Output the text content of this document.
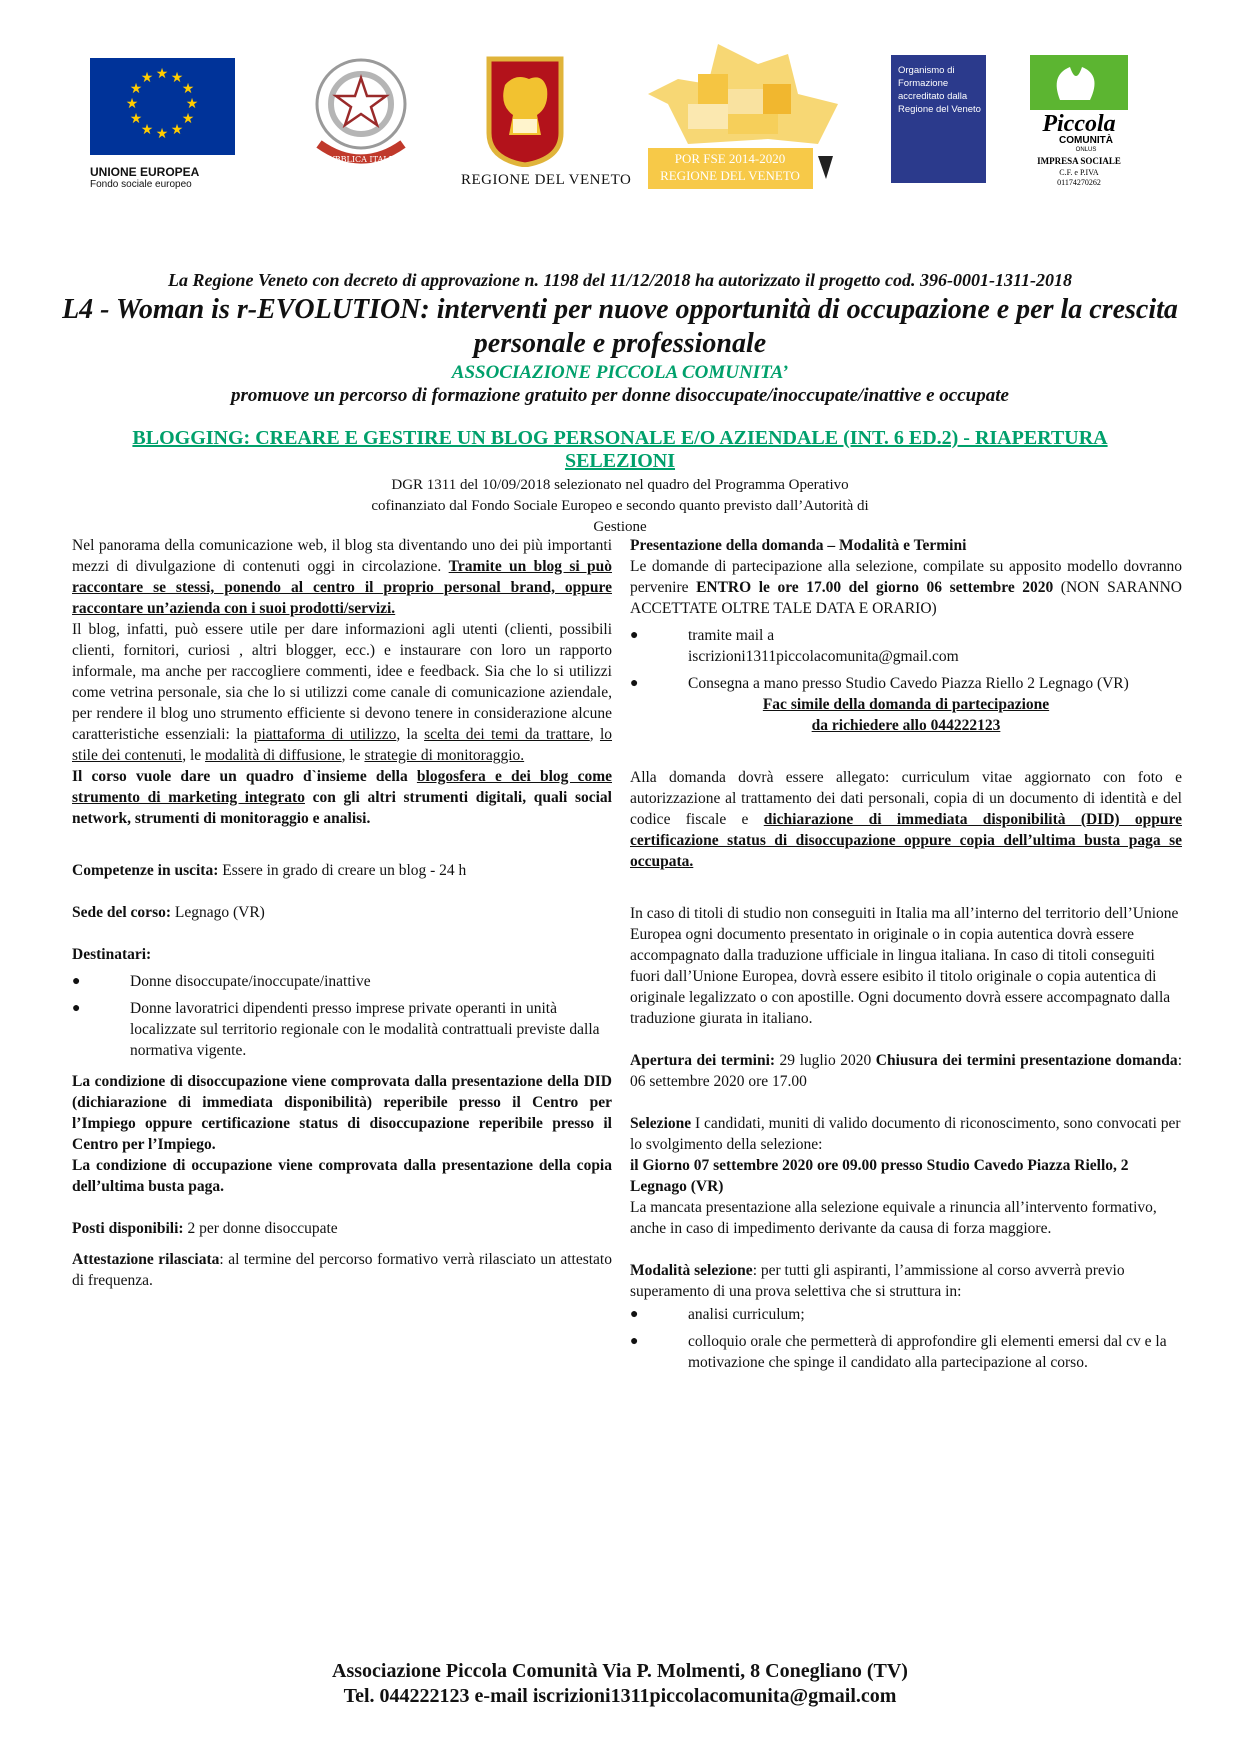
★ ★
★
★
★
★
★
★
★
★
★
★
UNIONE EUROPEA
Fondo sociale europeo
REPVBBLICA ITALIANA
REGIONE DEL VENETO
POR FSE 2014-2020
REGIONE DEL VENETO
Organismo di Formazione accreditato dalla Regione del Veneto
Piccola
COMUNITÀ
ONLUS
IMPRESA SOCIALE
C.F. e P.IVA
01174270262
La Regione Veneto con decreto di approvazione n. 1198 del 11/12/2018 ha autorizzato il progetto cod. 396-0001-1311-2018
L4 - Woman is r-EVOLUTION: interventi per nuove opportunità di occupazione e per la crescita personale e professionale
ASSOCIAZIONE PICCOLA COMUNITA’
promuove un percorso di formazione gratuito per donne disoccupate/inoccupate/inattive e occupate
BLOGGING: CREARE E GESTIRE UN BLOG PERSONALE E/O AZIENDALE (INT. 6 ED.2) - RIAPERTURA SELEZIONI
DGR 1311 del 10/09/2018 selezionato nel quadro del Programma Operativo cofinanziato dal Fondo Sociale Europeo e secondo quanto previsto dall’Autorità di Gestione

Nel panorama della comunicazione web, il blog sta diventando uno dei più importanti mezzi di divulgazione di contenuti oggi in circolazione. Tramite un blog si può raccontare se stessi, ponendo al centro il proprio personal brand, oppure raccontare un’azienda con i suoi prodotti/servizi.

Il blog, infatti, può essere utile per dare informazioni agli utenti (clienti, possibili clienti, fornitori, curiosi , altri blogger, ecc.) e instaurare con loro un rapporto informale, ma anche per raccogliere commenti, idee e feedback. Sia che lo si utilizzi come vetrina personale, sia che lo si utilizzi come canale di comunicazione aziendale, per rendere il blog uno strumento efficiente si devono tenere in considerazione alcune caratteristiche essenziali: la piattaforma di utilizzo, la scelta dei temi da trattare, lo stile dei contenuti, le modalità di diffusione, le strategie di monitoraggio.

Il corso vuole dare un quadro d`insieme della blogosfera e dei blog come strumento di marketing integrato con gli altri strumenti digitali, quali social network, strumenti di monitoraggio e analisi.

Competenze in uscita: Essere in grado di creare un blog - 24 h

Sede del corso: Legnago (VR)

Destinatari:

●	Donne disoccupate/inoccupate/inattive
●	Donne lavoratrici dipendenti presso imprese private operanti in unità localizzate sul territorio regionale con le modalità contrattuali previste dalla normativa vigente.

La condizione di disoccupazione viene comprovata dalla presentazione della DID (dichiarazione di immediata disponibilità) reperibile presso il Centro per l’Impiego oppure certificazione status di disoccupazione reperibile presso il Centro per l’Impiego.

La condizione di occupazione viene comprovata dalla presentazione della copia dell’ultima busta paga.

Posti disponibili: 2 per donne disoccupate

Attestazione rilasciata: al termine del percorso formativo verrà rilasciato un attestato di frequenza.

Presentazione della domanda – Modalità e Termini

Le domande di partecipazione alla selezione, compilate su apposito modello dovranno pervenire ENTRO le ore 17.00 del giorno 06 settembre 2020 (NON SARANNO ACCETTATE OLTRE TALE DATA E ORARIO)

●	tramite mail a
iscrizioni1311piccolacomunita@gmail.com
●	Consegna a mano presso Studio Cavedo Piazza Riello 2 Legnago (VR)

Fac simile della domanda di partecipazione

da richiedere allo 044222123

Alla domanda dovrà essere allegato: curriculum vitae aggiornato con foto e autorizzazione al trattamento dei dati personali, copia di un documento di identità e del codice fiscale e dichiarazione di immediata disponibilità (DID) oppure certificazione status di disoccupazione oppure copia dell’ultima busta paga se occupata.

In caso di titoli di studio non conseguiti in Italia ma all’interno del territorio dell’Unione Europea ogni documento presentato in originale o in copia autentica dovrà essere accompagnato dalla traduzione ufficiale in lingua italiana. In caso di titoli conseguiti fuori dall’Unione Europea, dovrà essere esibito il titolo originale o copia autentica di originale legalizzato o con apostille. Ogni documento dovrà essere accompagnato dalla traduzione giurata in italiano.

Apertura dei termini: 29 luglio 2020 Chiusura dei termini presentazione domanda: 06 settembre 2020 ore 17.00

Selezione I candidati, muniti di valido documento di riconoscimento, sono convocati per lo svolgimento della selezione:

il Giorno 07 settembre 2020 ore 09.00 presso Studio Cavedo Piazza Riello, 2 Legnago (VR)

La mancata presentazione alla selezione equivale a rinuncia all’intervento formativo, anche in caso di impedimento derivante da causa di forza maggiore.

Modalità selezione: per tutti gli aspiranti, l’ammissione al corso avverrà previo superamento di una prova selettiva che si struttura in:

●	analisi curriculum;
●	colloquio orale che permetterà di approfondire gli elementi emersi dal cv e la motivazione che spinge il candidato alla partecipazione al corso.
Associazione Piccola Comunità Via P. Molmenti, 8 Conegliano (TV)
Tel. 044222123 e-mail iscrizioni1311piccolacomunita@gmail.com
